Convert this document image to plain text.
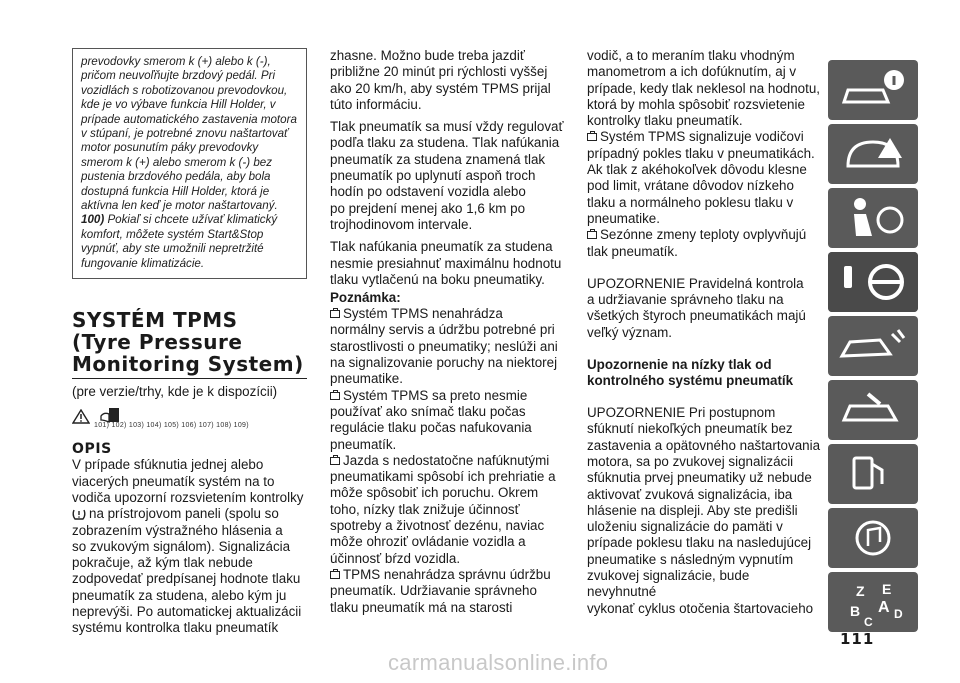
prevodovky smerom k (+) alebo k (-),
pričom neuvoľňujte brzdový pedál. Pri
vozidlách s robotizovanou prevodovkou,
kde je vo výbave funkcia Hill Holder, v
prípade automatického zastavenia motora
v stúpaní, je potrebné znovu naštartovať
motor posunutím páky prevodovky
smerom k (+) alebo smerom k (-) bez
pustenia brzdového pedála, aby bola
dostupná funkcia Hill Holder, ktorá je
aktívna len keď je motor naštartovaný.
100) Pokiaľ si chcete užívať klimatický
komfort, môžete systém Start&Stop
vypnúť, aby ste umožnili nepretržité
fungovanie klimatizácie.
SYSTÉM TPMS
(Tyre Pressure
Monitoring System)

(pre verzie/trhy, kde je k dispozícii)

101) 102) 103) 104) 105) 106) 107) 108) 109)
OPIS
V prípade sfúknutia jednej alebo
viacerých pneumatík systém na to
vodiča upozorní rozsvietením kontrolky
na prístrojovom paneli (spolu so
zobrazením výstražného hlásenia a
so zvukovým signálom). Signalizácia
pokračuje, až kým tlak nebude
zodpovedať predpísanej hodnote tlaku
pneumatík za studena, alebo kým ju
neprevýši. Po automatickej aktualizácii
systému kontrolka tlaku pneumatík
zhasne. Možno bude treba jazdiť
približne 20 minút pri rýchlosti vyššej
ako 20 km/h, aby systém TPMS prijal
túto informáciu.
Tlak pneumatík sa musí vždy regulovať
podľa tlaku za studena. Tlak nafúkania
pneumatík za studena znamená tlak
pneumatík po uplynutí aspoň troch
hodín po odstavení vozidla alebo
po prejdení menej ako 1,6 km po
trojhodinovom intervale.
Tlak nafúkania pneumatík za studena
nesmie presiahnuť maximálnu hodnotu
tlaku vytlačenú na boku pneumatiky.
Poznámka:
Systém TPMS nenahrádza
normálny servis a údržbu potrebné pri
starostlivosti o pneumatiky; neslúži ani
na signalizovanie poruchy na niektorej
pneumatike.
Systém TPMS sa preto nesmie
používať ako snímač tlaku počas
regulácie tlaku počas nafukovania
pneumatík.
Jazda s nedostatočne nafúknutými
pneumatikami spôsobí ich prehriatie a
môže spôsobiť ich poruchu. Okrem
toho, nízky tlak znižuje účinnosť
spotreby a životnosť dezénu, naviac
môže ohroziť ovládanie vozidla a
účinnosť bŕzd vozidla.
TPMS nenahrádza správnu údržbu
pneumatík. Udržiavanie správneho
tlaku pneumatík má na starosti
vodič, a to meraním tlaku vhodným
manometrom a ich dofúknutím, aj v
prípade, kedy tlak neklesol na hodnotu,
ktorá by mohla spôsobiť rozsvietenie
kontrolky tlaku pneumatík.
Systém TPMS signalizuje vodičovi
prípadný pokles tlaku v pneumatikách.
Ak tlak z akéhokoľvek dôvodu klesne
pod limit, vrátane dôvodov nízkeho
tlaku a normálneho poklesu tlaku v
pneumatike.
Sezónne zmeny teploty ovplyvňujú
tlak pneumatík.
UPOZORNENIE Pravidelná kontrola
a udržiavanie správneho tlaku na
všetkých štyroch pneumatikách majú
veľký význam.
Upozornenie na nízky tlak od
kontrolného systému pneumatík
UPOZORNENIE Pri postupnom
sfúknutí niekoľkých pneumatík bez
zastavenia a opätovného naštartovania
motora, sa po zvukovej signalizácii
sfúknutia prvej pneumatiky už nebude
aktivovať zvuková signalizácia, iba
hlásenie na displeji. Aby ste predišli
uloženiu signalizácie do pamäti v
prípade poklesu tlaku na nasledujúcej
pneumatike s následným vypnutím
zvukovej signalizácie, bude nevyhnutné
vykonať cyklus otočenia štartovacieho
Z E
B A D
C
111
carmanualsonline.info
